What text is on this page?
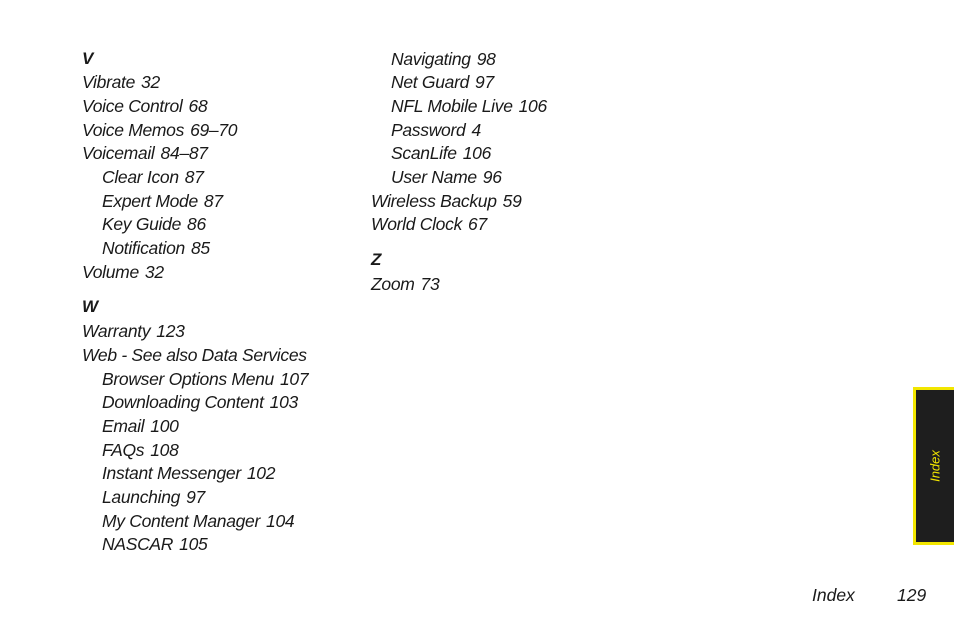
V
Vibrate 32
Voice Control 68
Voice Memos 69–70
Voicemail 84–87
Clear Icon 87
Expert Mode 87
Key Guide 86
Notification 85
Volume 32
W
Warranty 123
Web - See also Data Services
Browser Options Menu 107
Downloading Content 103
Email 100
FAQs 108
Instant Messenger 102
Launching 97
My Content Manager 104
NASCAR 105
Navigating 98
Net Guard 97
NFL Mobile Live 106
Password 4
ScanLife 106
User Name 96
Wireless Backup 59
World Clock 67
Z
Zoom 73
Index
Index 129
